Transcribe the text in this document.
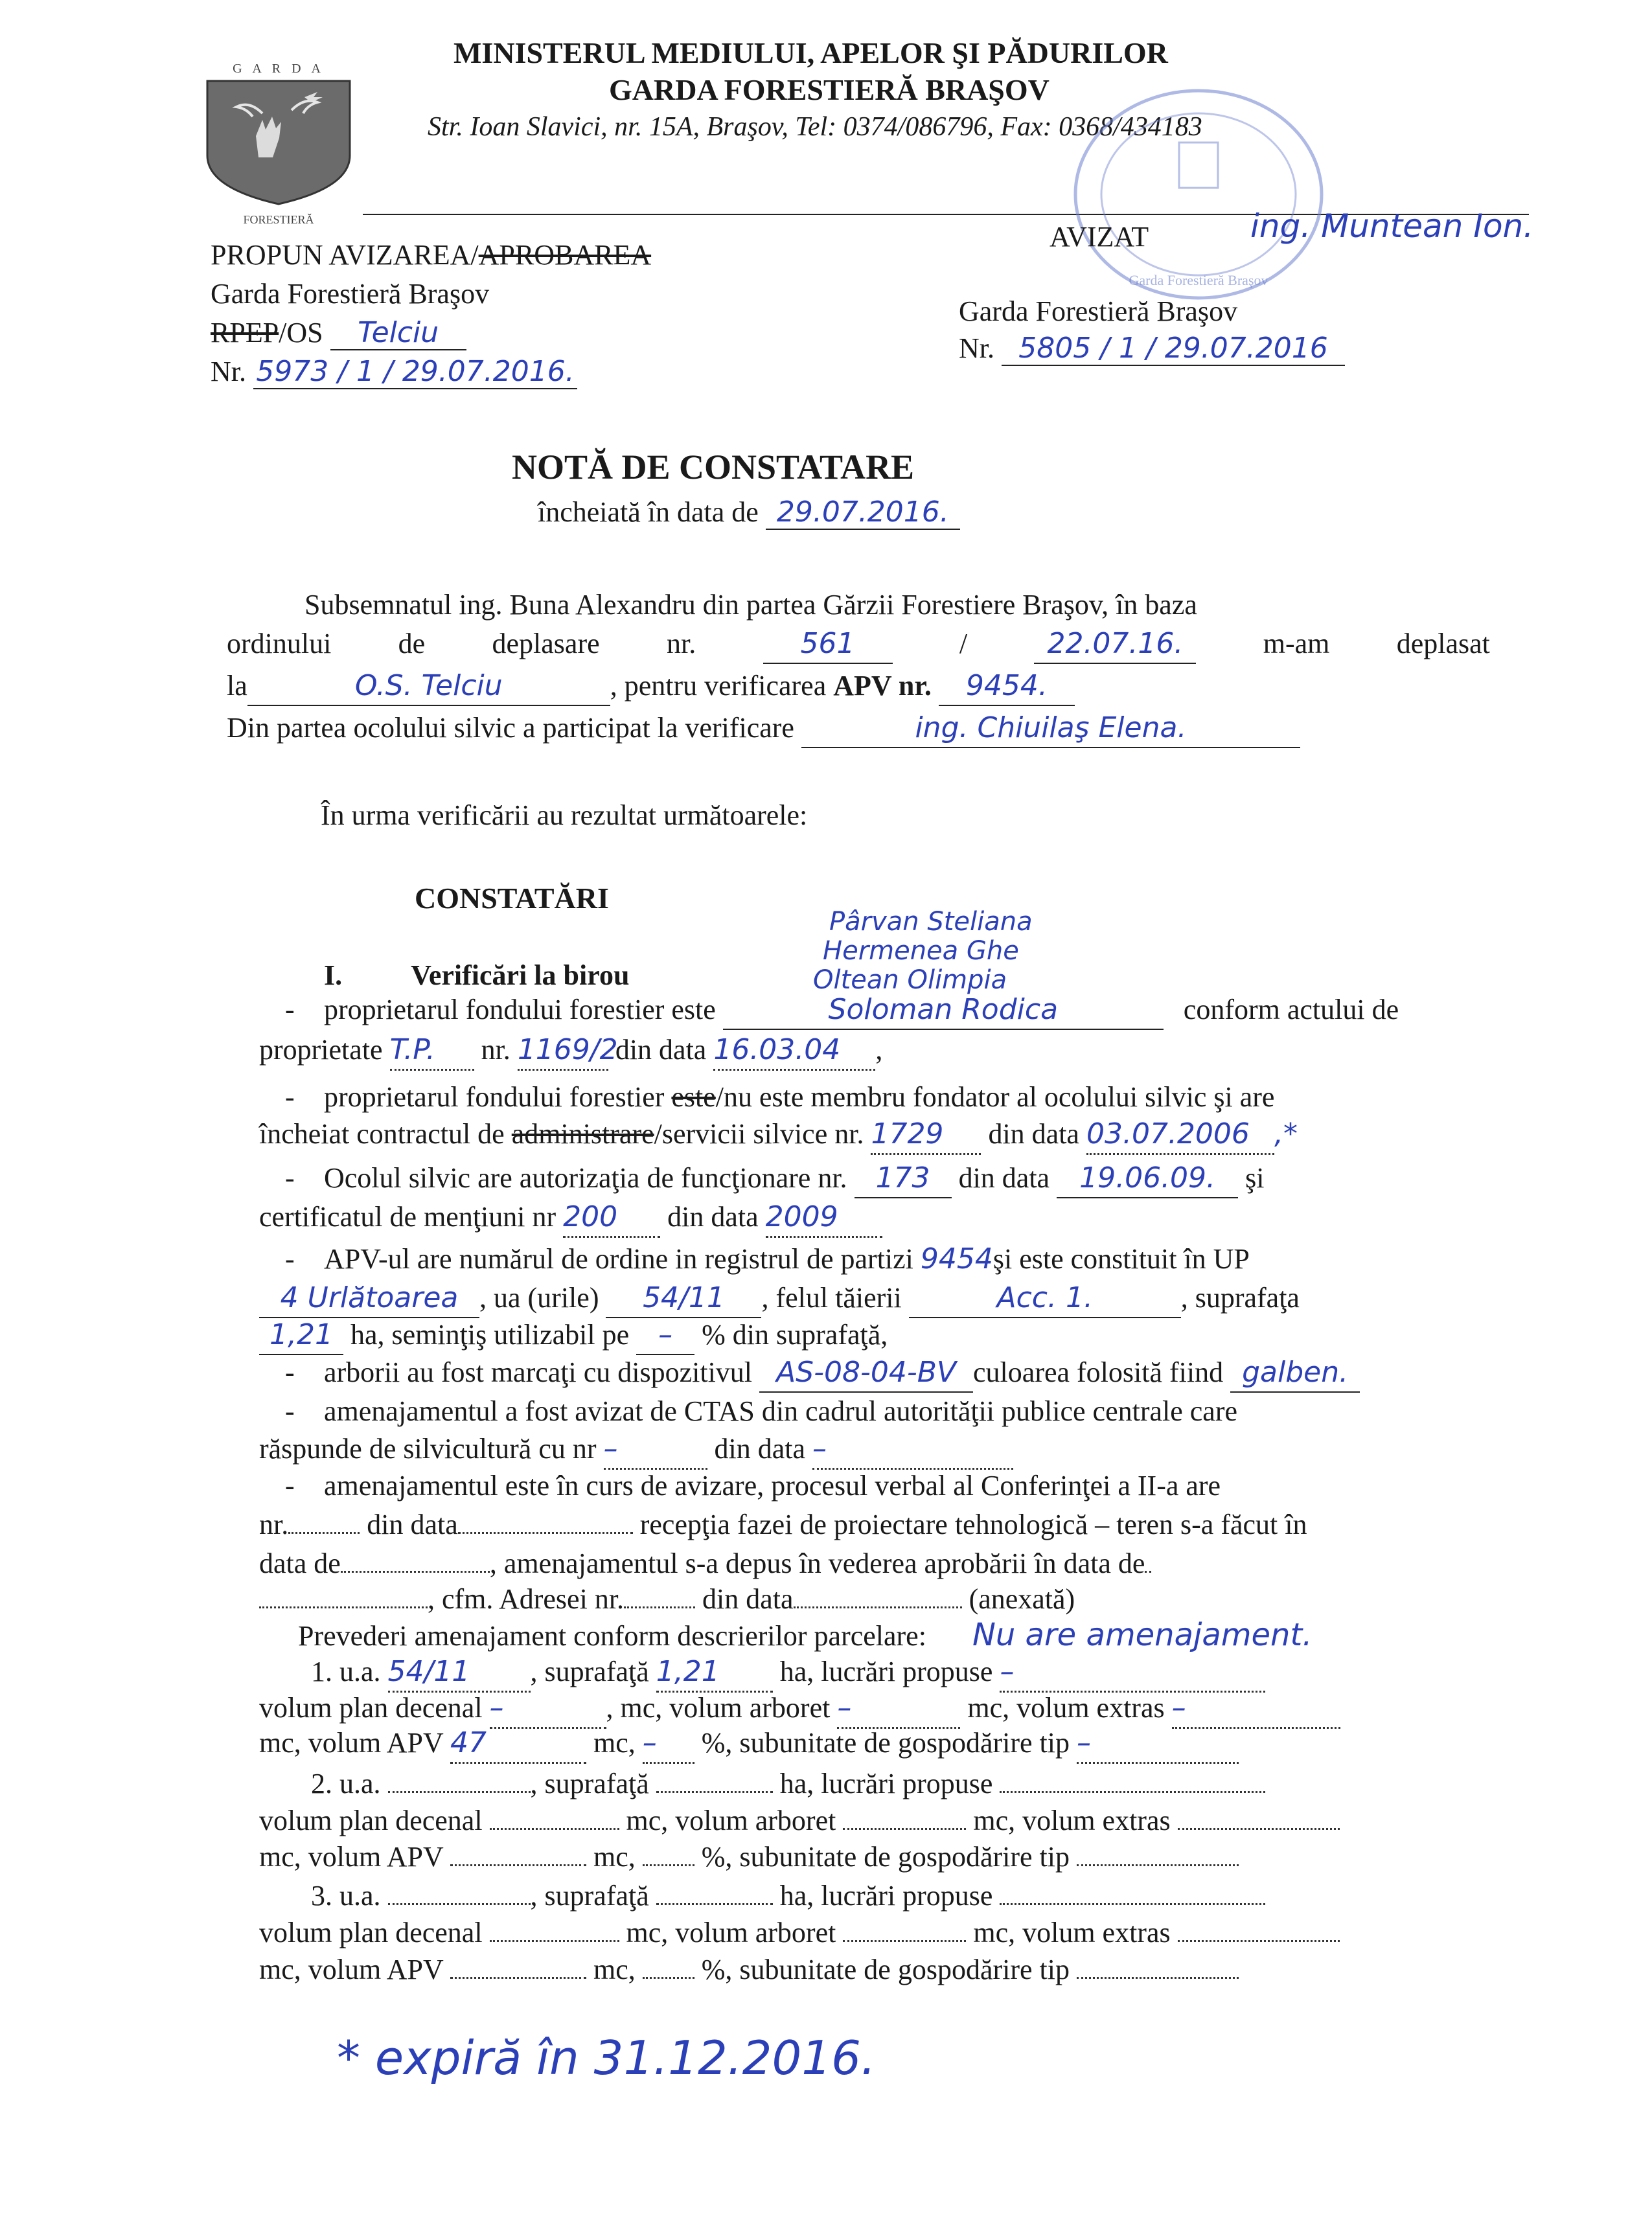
G A R D A
FORESTIERĂ
MINISTERUL MEDIULUI, APELOR ŞI PĂDURILOR
GARDA FORESTIERĂ BRAŞOV
Str. Ioan Slavici, nr. 15A, Braşov, Tel: 0374/086796, Fax: 0368/434183
Garda Forestieră Braşov
PROPUN AVIZAREA/APROBAREA
Garda Forestieră Braşov
RPEP/OS Telciu
Nr. 5973 / 1 / 29.07.2016.
AVIZAT	ing. Muntean Ion.
Garda Forestieră Braşov
Nr. 5805 / 1 / 29.07.2016
NOTĂ DE CONSTATARE
încheiată în data de 29.07.2016.
Subsemnatul ing. Buna Alexandru din partea Gărzii Forestiere Braşov, în baza
ordinului de deplasare nr.	561	/	22.07.16.	m-am deplasat
la	O.S. Telciu	, pentru verificarea APV nr. 9454.
Din partea ocolului silvic a participat la verificare	ing. Chiuilaş Elena.
În urma verificării au rezultat următoarele:
CONSTATĂRI
Pârvan Steliana
Hermenea Ghe
Oltean Olimpia
I. Verificări la birou
- proprietarul fondului forestier este	Soloman Rodica	conform actului de
proprietate T.P. nr. 1169/2 din data 16.03.04 ,
- proprietarul fondului forestier este/nu este membru fondator al ocolului silvic şi are
încheiat contractul de administrare/servicii silvice nr. 1729 din data 03.07.2006 ,*
- Ocolul silvic are autorizaţia de funcţionare nr. 173 din data 19.06.09. şi
certificatul de menţiuni nr 200 din data 2009
- APV-ul are numărul de ordine in registrul de partizi 9454şi este constituit în UP
4 Urlătoarea , ua (urile) 54/11 , felul tăierii	Acc. 1.	, suprafaţa
1,21 ha, seminţiş utilizabil pe – % din suprafaţă,
- arborii au fost marcaţi cu dispozitivul AS-08-04-BV culoarea folosită fiind galben.
- amenajamentul a fost avizat de CTAS din cadrul autorităţii publice centrale care
răspunde de silvicultură cu nr –	din data –
- amenajamentul este în curs de avizare, procesul verbal al Conferinţei a II-a are
nr.	din data	recepţia fazei de proiectare tehnologică – teren s-a făcut în
data de	, amenajamentul s-a depus în vederea aprobării în data de
, cfm. Adresei nr.	din data	(anexată)
Prevederi amenajament conform descrierilor parcelare: Nu are amenajament.
1. u.a. 54/11 , suprafaţă 1,21 ha, lucrări propuse –
volum plan decenal –	, mc, volum arboret –	mc, volum extras –
mc, volum APV 47	mc, – %, subunitate de gospodărire tip –
2. u.a.	, suprafaţă	ha, lucrări propuse
volum plan decenal	mc, volum arboret	mc, volum extras
mc, volum APV	mc, %, subunitate de gospodărire tip
3. u.a.	, suprafaţă	ha, lucrări propuse
volum plan decenal	mc, volum arboret	mc, volum extras
mc, volum APV	mc, %, subunitate de gospodărire tip
* expiră în 31.12.2016.
